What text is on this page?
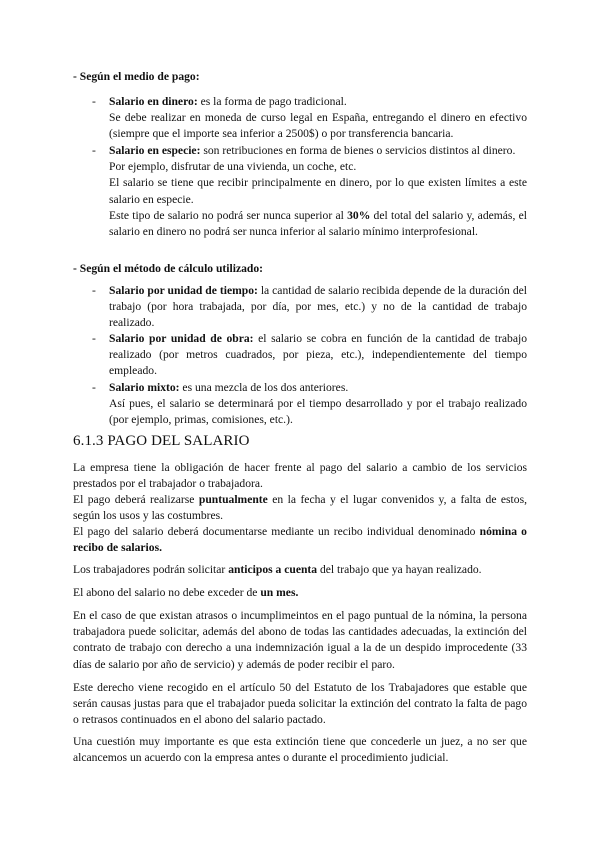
- Según el medio de pago:
-	Salario en dinero: es la forma de pago tradicional.

Se debe realizar en moneda de curso legal en España, entregando el dinero en efectivo (siempre que el importe sea inferior a 2500$) o por transferencia bancaria.

-	Salario en especie: son retribuciones en forma de bienes o servicios distintos al dinero.

Por ejemplo, disfrutar de una vivienda, un coche, etc.

El salario se tiene que recibir principalmente en dinero, por lo que existen límites a este salario en especie.

Este tipo de salario no podrá ser nunca superior al 30% del total del salario y, además, el salario en dinero no podrá ser nunca inferior al salario mínimo interprofesional.

- Según el método de cálculo utilizado:
-	Salario por unidad de tiempo: la cantidad de salario recibida depende de la duración del trabajo (por hora trabajada, por día, por mes, etc.) y no de la cantidad de trabajo realizado.

-	Salario por unidad de obra: el salario se cobra en función de la cantidad de trabajo realizado (por metros cuadrados, por pieza, etc.), independientemente del tiempo empleado.

-	Salario mixto: es una mezcla de los dos anteriores.

Así pues, el salario se determinará por el tiempo desarrollado y por el trabajo realizado (por ejemplo, primas, comisiones, etc.).

6.1.3 PAGO DEL SALARIO
La empresa tiene la obligación de hacer frente al pago del salario a cambio de los servicios prestados por el trabajador o trabajadora.
El pago deberá realizarse puntualmente en la fecha y el lugar convenidos y, a falta de estos, según los usos y las costumbres.
El pago del salario deberá documentarse mediante un recibo individual denominado nómina o recibo de salarios.
Los trabajadores podrán solicitar anticipos a cuenta del trabajo que ya hayan realizado.
El abono del salario no debe exceder de un mes.
En el caso de que existan atrasos o incumplimeintos en el pago puntual de la nómina, la persona trabajadora puede solicitar, además del abono de todas las cantidades adecuadas, la extinción del contrato de trabajo con derecho a una indemnización igual a la de un despido improcedente (33 días de salario por año de servicio) y además de poder recibir el paro.
Este derecho viene recogido en el artículo 50 del Estatuto de los Trabajadores que estable que serán causas justas para que el trabajador pueda solicitar la extinción del contrato la falta de pago o retrasos continuados en el abono del salario pactado.
Una cuestión muy importante es que esta extinción tiene que concederle un juez, a no ser que alcancemos un acuerdo con la empresa antes o durante el procedimiento judicial.
